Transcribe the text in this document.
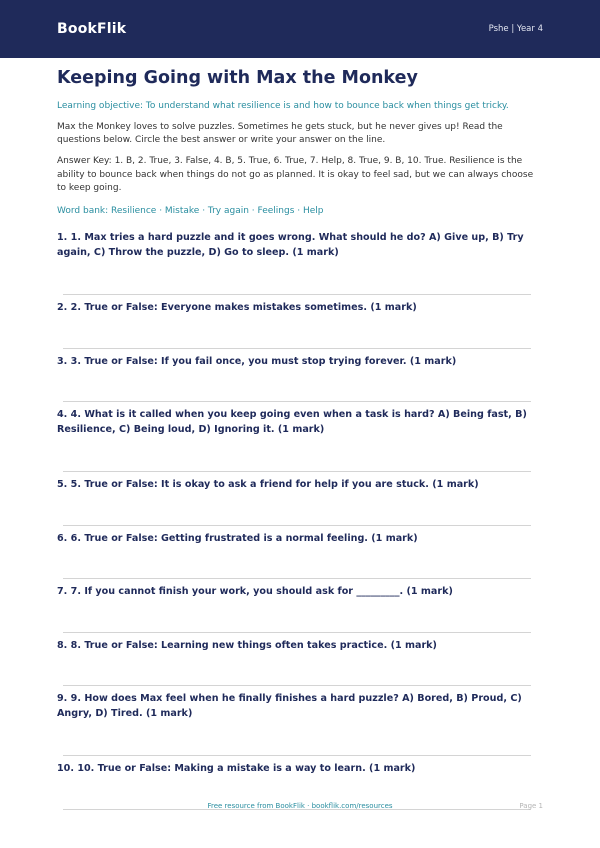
BookFlik	Pshe | Year 4
Keeping Going with Max the Monkey
Learning objective: To understand what resilience is and how to bounce back when things get tricky.
Max the Monkey loves to solve puzzles. Sometimes he gets stuck, but he never gives up! Read the questions below. Circle the best answer or write your answer on the line.
Answer Key: 1. B, 2. True, 3. False, 4. B, 5. True, 6. True, 7. Help, 8. True, 9. B, 10. True. Resilience is the ability to bounce back when things do not go as planned. It is okay to feel sad, but we can always choose to keep going.
Word bank: Resilience · Mistake · Try again · Feelings · Help
1. 1. Max tries a hard puzzle and it goes wrong. What should he do? A) Give up, B) Try again, C) Throw the puzzle, D) Go to sleep. (1 mark)
2. 2. True or False: Everyone makes mistakes sometimes. (1 mark)
3. 3. True or False: If you fail once, you must stop trying forever. (1 mark)
4. 4. What is it called when you keep going even when a task is hard? A) Being fast, B) Resilience, C) Being loud, D) Ignoring it. (1 mark)
5. 5. True or False: It is okay to ask a friend for help if you are stuck. (1 mark)
6. 6. True or False: Getting frustrated is a normal feeling. (1 mark)
7. 7. If you cannot finish your work, you should ask for _________. (1 mark)
8. 8. True or False: Learning new things often takes practice. (1 mark)
9. 9. How does Max feel when he finally finishes a hard puzzle? A) Bored, B) Proud, C) Angry, D) Tired. (1 mark)
10. 10. True or False: Making a mistake is a way to learn. (1 mark)
Free resource from BookFlik · bookflik.com/resources	Page 1
